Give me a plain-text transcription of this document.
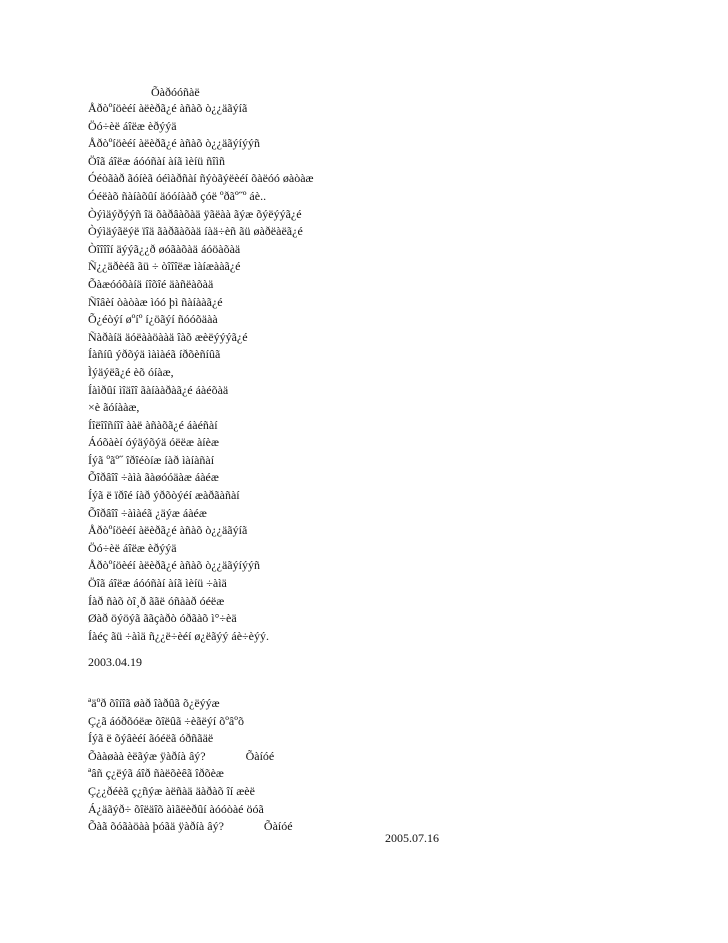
Õàðóóñàë
Åðòºíöèéí àëèðã¿é àñàõ ò¿¿äãýíã
Öó÷èë áîëæ èðýýä
Åðòºíöèéí àëèðã¿é àñàõ ò¿¿äãýíýýñ
Öîã áîëæ áóóñàí àíã ìèíü ñîìñ
Óéòãàð ãóíèã óéìàðñàí ñýòãýëèéí õàëóó øàòàæ
Óéëàõ ñàíàõûí äóóíààð çóë ºðãº˝º áè..
Òýìäýðýýñ îä õàðâàõàä ÿãëàà ãýæ õýëýýã¿é
Òýìäýãëýë ïîä ãàðãàõàä íàä÷èñ ãü øàðëàëã¿é
Òîîîîí äýýã¿¿ð øóãàõàä áóöàõàä
Ñ¿¿äðèéã ãü ÷ òîîîëæ ìàíæààã¿é
Õàæóóõàíä íîõîé äàñëàõàä
Ñîâèí òàòàæ ìóó þì ñàíààã¿é
Õ¿éòýí øºíº í¿öãýí ñóóõäàà
Ñàðàíä äóëààöààä îàõ æèëýýýã¿é
Íàñíû ýðõýä ìàìàéã íðõèñíûã
Ìýäýëã¿é èõ óíàæ,
Íàìðûí ìîäîî ãàíààðàã¿é áàéõàä
×è ãóíààæ,
Íîëîîñíîî ààë àñàõã¿é áàéñàí
Áóõàèí óýäýõýä óëëæ àíèæ
Íýã ºãº˝ îðîéòíæ íàð ìàíàñàí
Õîðâîî ÷àìà ãàøóóäàæ áàéæ
Íýã ë ïðîé íàð ýðõòýéí æàðãàñàí
Õîðâîî ÷àìàéã ¿äýæ áàéæ
Åðòºíöèéí àëèðã¿é àñàõ ò¿¿äãýíã
Öó÷èë áîëæ èðýýä
Åðòºíöèéí àëèðã¿é àñàõ ò¿¿äãýíýýñ
Öîã áîëæ áóóñàí àíã ìèíü ÷àìä
Íàð ñàõ òî¸ð ããë óñààð óéëæ
Øàð öýöýã ããçàðò óðãàõ ì°÷èä
Íàéç ãü ÷àìä ñ¿¿ë÷èéí ø¿ëãýý áè÷èýý.
2003.04.19
ªäºð õîíîã øàð îàðûã õ¿ëýýæ
Ç¿ã áóðõóëæ õîëûã ÷èãëýí õºâºõ
Íýã ë õýâèéí ãóéëã óðñãäë
Õààøàà èëãýæ ÿàðíà âý?	Õàíóé
ªâñ ç¿ëýã áîð ñàëõèêã îðõèæ
Ç¿¿ðéèã ç¿ñýæ àëñàä äàðàõ îí æèë
Á¿äãýð÷ õîëäîõ àìãëèðûí àóóòàé öóã
Õàã õóãàöàà þóãä ÿàðíà âý?	Õàíóé
2005.07.16
